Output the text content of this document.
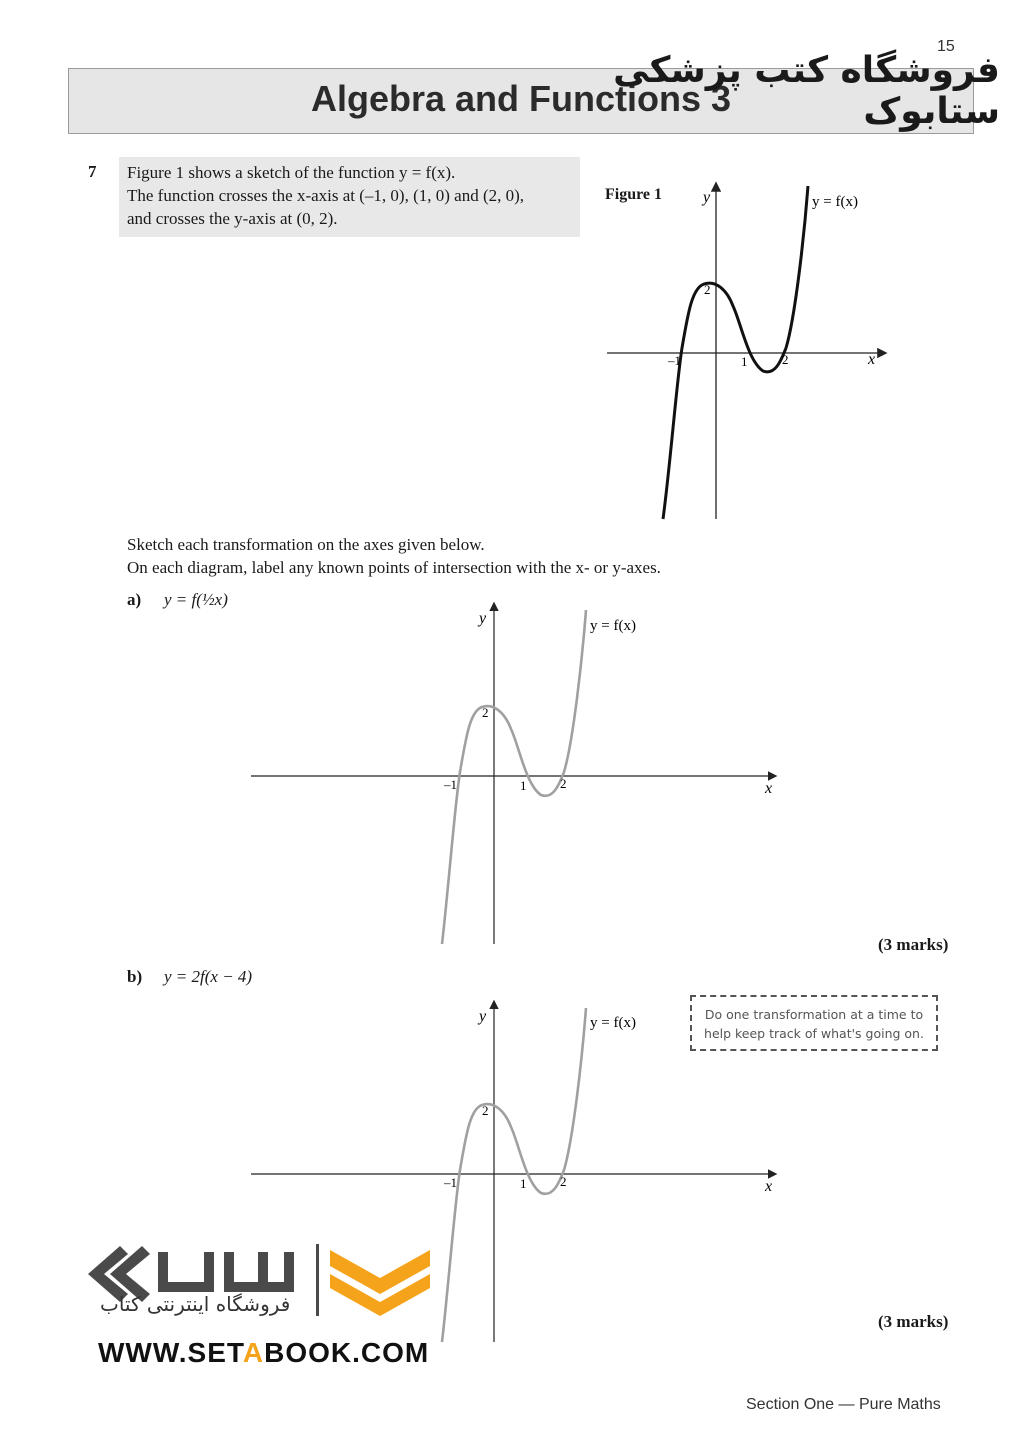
15
Algebra and Functions 3
فروشگاه کتب پزشکی ستابوک
7 Figure 1 shows a sketch of the function y = f(x).
The function crosses the x-axis at (–1, 0), (1, 0) and (2, 0),
and crosses the y-axis at (0, 2).
Figure 1	y
x
y = f(x)
–1	1	2
2
Sketch each transformation on the axes given below.
On each diagram, label any known points of intersection with the x- or y-axes.
a) y = f(½x)
y
x
y = f(x)
–1	1	2
2
(3 marks)
b) y = 2f(x − 4)
y
x
y = f(x)
–1	1	2
2
Do one transformation at a time to
help keep track of what's going on.
(3 marks)
فروشگاه اینترنتی کتاب
WWW.SETABOOK.COM
Section One — Pure Maths
